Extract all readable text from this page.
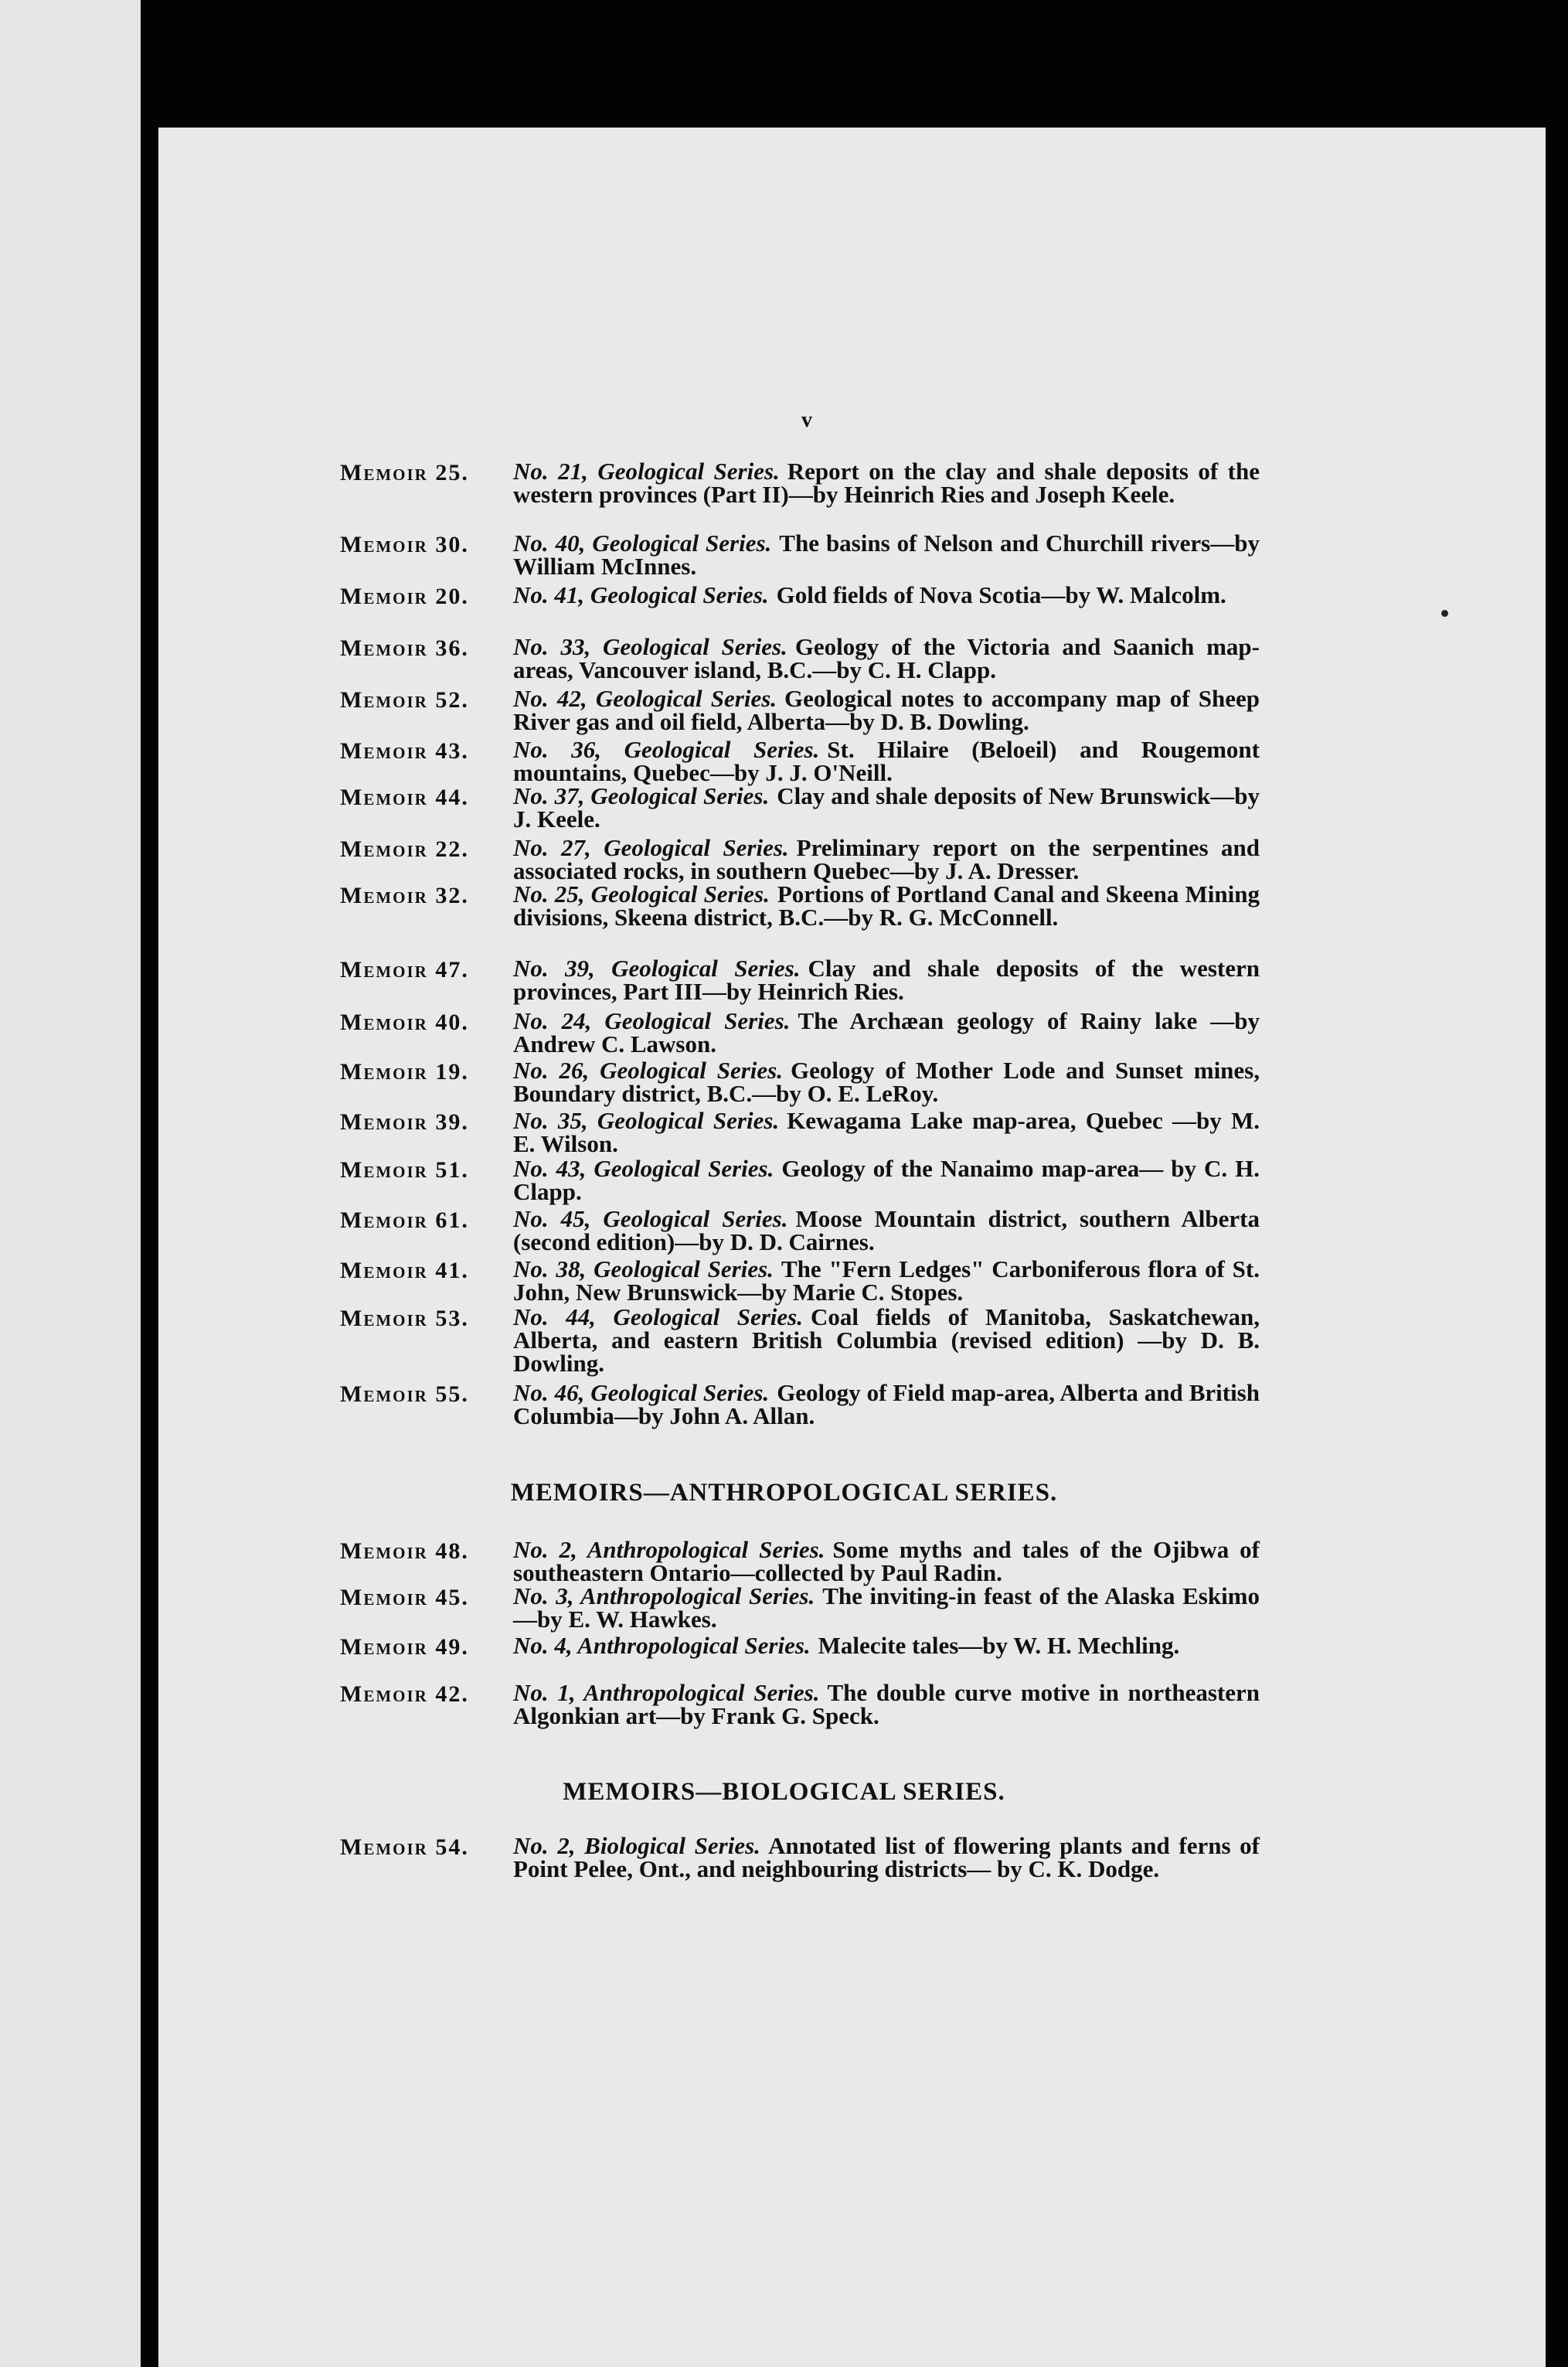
v
Memoir 25. No. 21, Geological Series. Report on the clay and shale deposits of the western provinces (Part II)—by Heinrich Ries and Joseph Keele.
Memoir 30. No. 40, Geological Series. The basins of Nelson and Churchill rivers—by William McInnes.
Memoir 20. No. 41, Geological Series. Gold fields of Nova Scotia—by W. Malcolm.
Memoir 36. No. 33, Geological Series. Geology of the Victoria and Saanich map-areas, Vancouver island, B.C.—by C. H. Clapp.
Memoir 52. No. 42, Geological Series. Geological notes to accompany map of Sheep River gas and oil field, Alberta—by D. B. Dowling.
Memoir 43. No. 36, Geological Series. St. Hilaire (Beloeil) and Rougemont mountains, Quebec—by J. J. O'Neill.
Memoir 44. No. 37, Geological Series. Clay and shale deposits of New Brunswick—by J. Keele.
Memoir 22. No. 27, Geological Series. Preliminary report on the serpentines and associated rocks, in southern Quebec—by J. A. Dresser.
Memoir 32. No. 25, Geological Series. Portions of Portland Canal and Skeena Mining divisions, Skeena district, B.C.—by R. G. McConnell.
Memoir 47. No. 39, Geological Series. Clay and shale deposits of the western provinces, Part III—by Heinrich Ries.
Memoir 40. No. 24, Geological Series. The Archæan geology of Rainy lake —by Andrew C. Lawson.
Memoir 19. No. 26, Geological Series. Geology of Mother Lode and Sunset mines, Boundary district, B.C.—by O. E. LeRoy.
Memoir 39. No. 35, Geological Series. Kewagama Lake map-area, Quebec —by M. E. Wilson.
Memoir 51. No. 43, Geological Series. Geology of the Nanaimo map-area— by C. H. Clapp.
Memoir 61. No. 45, Geological Series. Moose Mountain district, southern Alberta (second edition)—by D. D. Cairnes.
Memoir 41. No. 38, Geological Series. The "Fern Ledges" Carboniferous flora of St. John, New Brunswick—by Marie C. Stopes.
Memoir 53. No. 44, Geological Series. Coal fields of Manitoba, Saskatchewan, Alberta, and eastern British Columbia (revised edition) —by D. B. Dowling.
Memoir 55. No. 46, Geological Series. Geology of Field map-area, Alberta and British Columbia—by John A. Allan.
Memoir 48. No. 2, Anthropological Series. Some myths and tales of the Ojibwa of southeastern Ontario—collected by Paul Radin.
Memoir 45. No. 3, Anthropological Series. The inviting-in feast of the Alaska Eskimo—by E. W. Hawkes.
Memoir 49. No. 4, Anthropological Series. Malecite tales—by W. H. Mechling.
Memoir 42. No. 1, Anthropological Series. The double curve motive in northeastern Algonkian art—by Frank G. Speck.
Memoir 54. No. 2, Biological Series. Annotated list of flowering plants and ferns of Point Pelee, Ont., and neighbouring districts— by C. K. Dodge.
MEMOIRS—ANTHROPOLOGICAL SERIES.
MEMOIRS—BIOLOGICAL SERIES.
